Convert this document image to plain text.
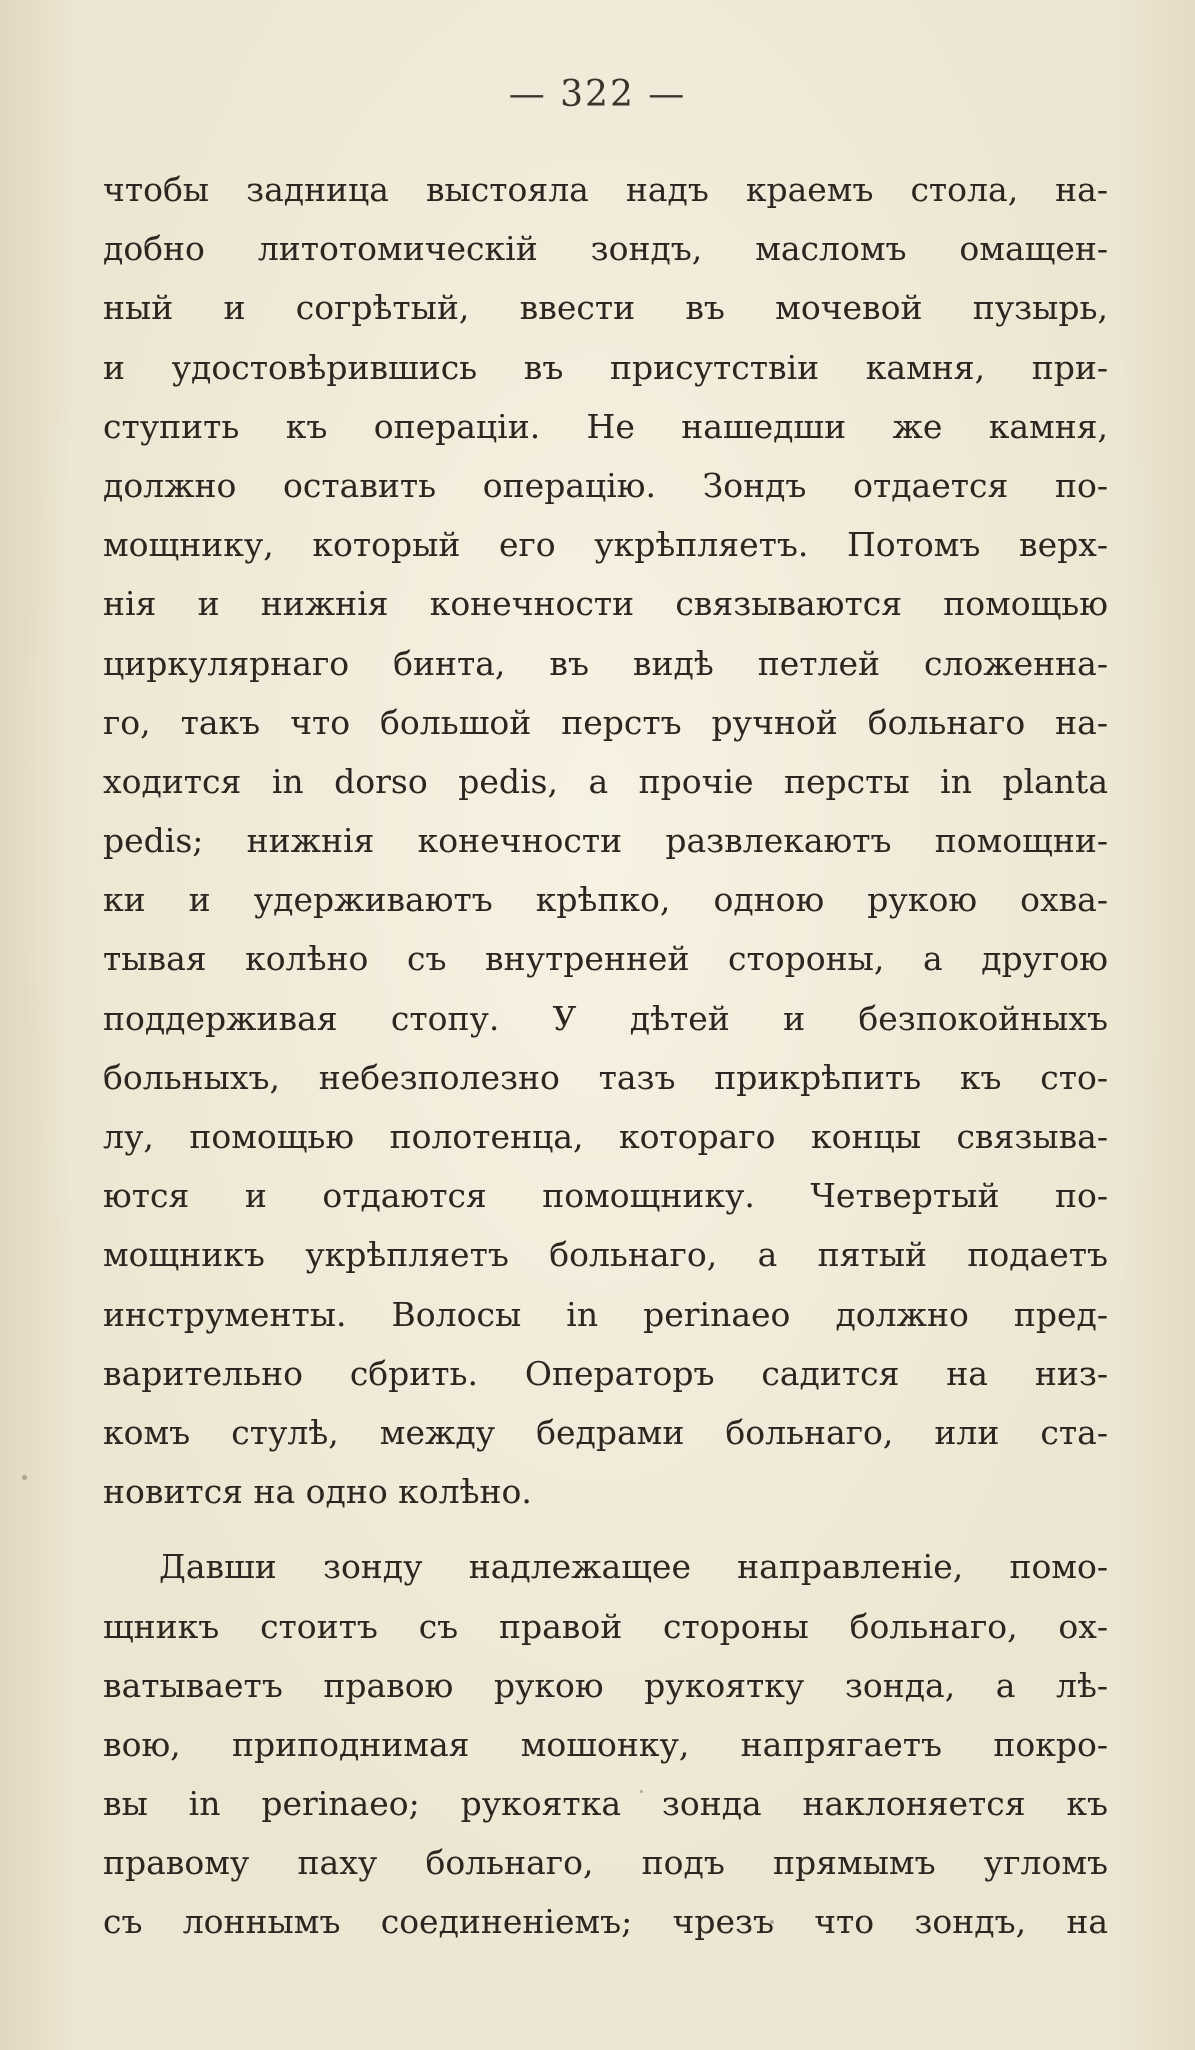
— 322 —

чтобы задница выстояла надъ краемъ стола, на-
добно литотомическій зондъ, масломъ омащен-
ный и согрѣтый, ввести въ мочевой пузырь,
и удостовѣрившись въ присутствіи камня, при-
ступить къ операціи. Не нашедши же камня,
должно оставить операцію. Зондъ отдается по-
мощнику, который его укрѣпляетъ. Потомъ верх-
нія и нижнія конечности связываются помощью
циркулярнаго бинта, въ видѣ петлей сложенна-
го, такъ что большой перстъ ручной больнаго на-
ходится in dorso pedis, а прочіе персты in planta
pedis; нижнія конечности развлекаютъ помощни-
ки и удерживаютъ крѣпко, одною рукою охва-
тывая колѣно съ внутренней стороны, а другою
поддерживая стопу. У дѣтей и безпокойныхъ
больныхъ, небезполезно тазъ прикрѣпить къ сто-
лу, помощью полотенца, котораго концы связыва-
ются и отдаются помощнику. Четвертый по-
мощникъ укрѣпляетъ больнаго, а пятый подаетъ
инструменты. Волосы in perinaeo должно пред-
варительно сбрить. Операторъ садится на низ-
комъ стулѣ, между бедрами больнаго, или ста-
новится на одно колѣно.

Давши зонду надлежащее направленіе, помо-
щникъ стоитъ съ правой стороны больнаго, ох-
ватываетъ правою рукою рукоятку зонда, а лѣ-
вою, приподнимая мошонку, напрягаетъ покро-
вы in perinaeo; рукоятка зонда наклоняется къ
правому паху больнаго, подъ прямымъ угломъ
съ лоннымъ соединеніемъ; чрезъ что зондъ, на
